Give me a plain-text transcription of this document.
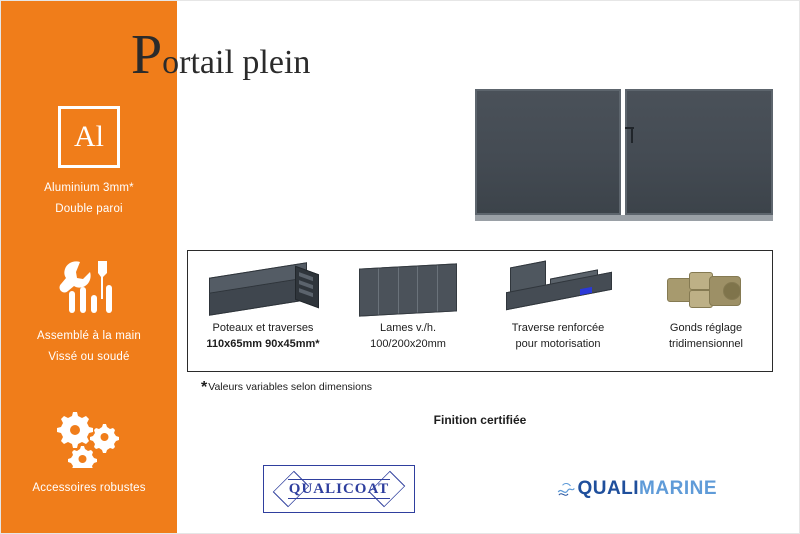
Al

Aluminium 3mm*

Double paroi

Assemblé à la main

Vissé ou soudé

Accessoires robustes

Portail plein
Poteaux et traverses
110x65mm 90x45mm*
Lames v./h.
100/200x20mm
Traverse renforcée
pour motorisation
Gonds réglage
tridimensionnel
*Valeurs variables selon dimensions
Finition certifiée
QUALICOAT	QUALI MARINE
